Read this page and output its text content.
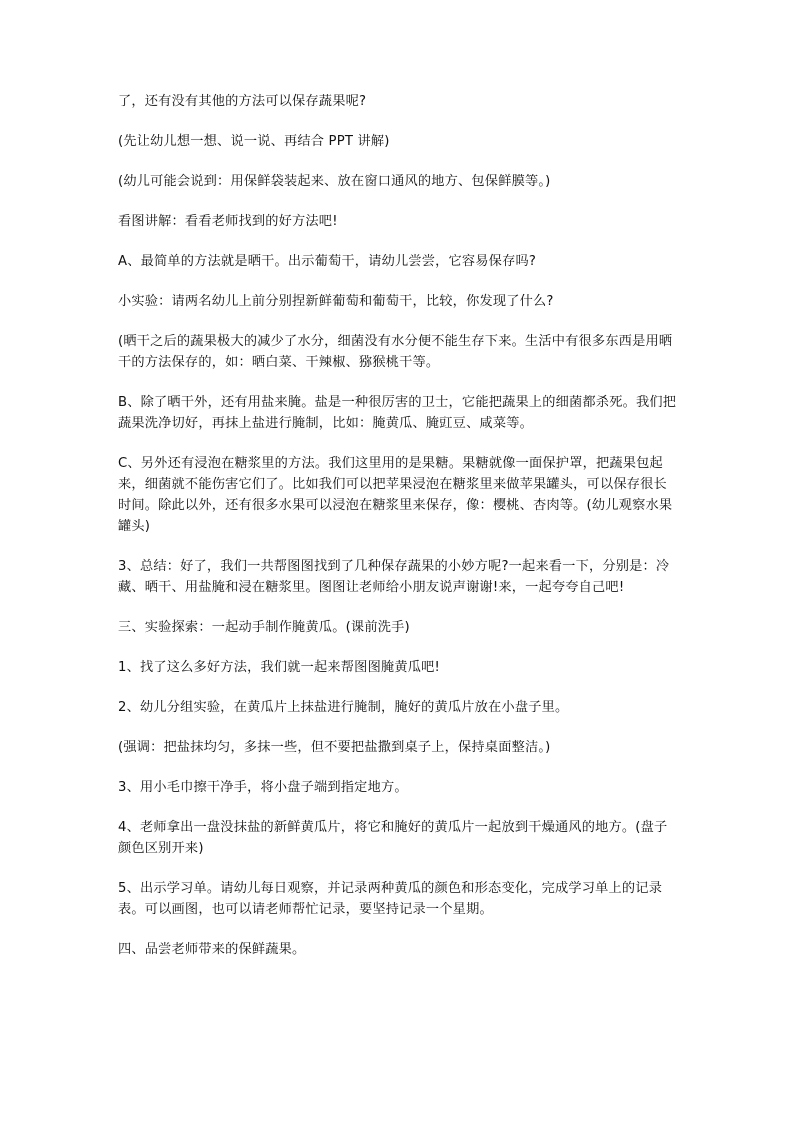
了，还有没有其他的方法可以保存蔬果呢?

(先让幼儿想一想、说一说、再结合 PPT 讲解)

(幼儿可能会说到：用保鲜袋装起来、放在窗口通风的地方、包保鲜膜等。)

看图讲解：看看老师找到的好方法吧!

A、最简单的方法就是晒干。出示葡萄干，请幼儿尝尝，它容易保存吗?

小实验：请两名幼儿上前分别捏新鲜葡萄和葡萄干，比较，你发现了什么?

(晒干之后的蔬果极大的减少了水分，细菌没有水分便不能生存下来。生活中有很多东西是用晒干的方法保存的，如：晒白菜、干辣椒、猕猴桃干等。

B、除了晒干外，还有用盐来腌。盐是一种很厉害的卫士，它能把蔬果上的细菌都杀死。我们把蔬果洗净切好，再抹上盐进行腌制，比如：腌黄瓜、腌豇豆、咸菜等。

C、另外还有浸泡在糖浆里的方法。我们这里用的是果糖。果糖就像一面保护罩，把蔬果包起来，细菌就不能伤害它们了。比如我们可以把苹果浸泡在糖浆里来做苹果罐头，可以保存很长时间。除此以外，还有很多水果可以浸泡在糖浆里来保存，像：樱桃、杏肉等。(幼儿观察水果罐头)

3、总结：好了，我们一共帮图图找到了几种保存蔬果的小妙方呢?一起来看一下，分别是：冷藏、晒干、用盐腌和浸在糖浆里。图图让老师给小朋友说声谢谢!来，一起夸夸自己吧!

三、实验探索：一起动手制作腌黄瓜。(课前洗手)

1、找了这么多好方法，我们就一起来帮图图腌黄瓜吧!

2、幼儿分组实验，在黄瓜片上抹盐进行腌制，腌好的黄瓜片放在小盘子里。

(强调：把盐抹均匀，多抹一些，但不要把盐撒到桌子上，保持桌面整洁。)

3、用小毛巾擦干净手，将小盘子端到指定地方。

4、老师拿出一盘没抹盐的新鲜黄瓜片，将它和腌好的黄瓜片一起放到干燥通风的地方。(盘子颜色区别开来)

5、出示学习单。请幼儿每日观察，并记录两种黄瓜的颜色和形态变化，完成学习单上的记录表。可以画图，也可以请老师帮忙记录，要坚持记录一个星期。

四、品尝老师带来的保鲜蔬果。
